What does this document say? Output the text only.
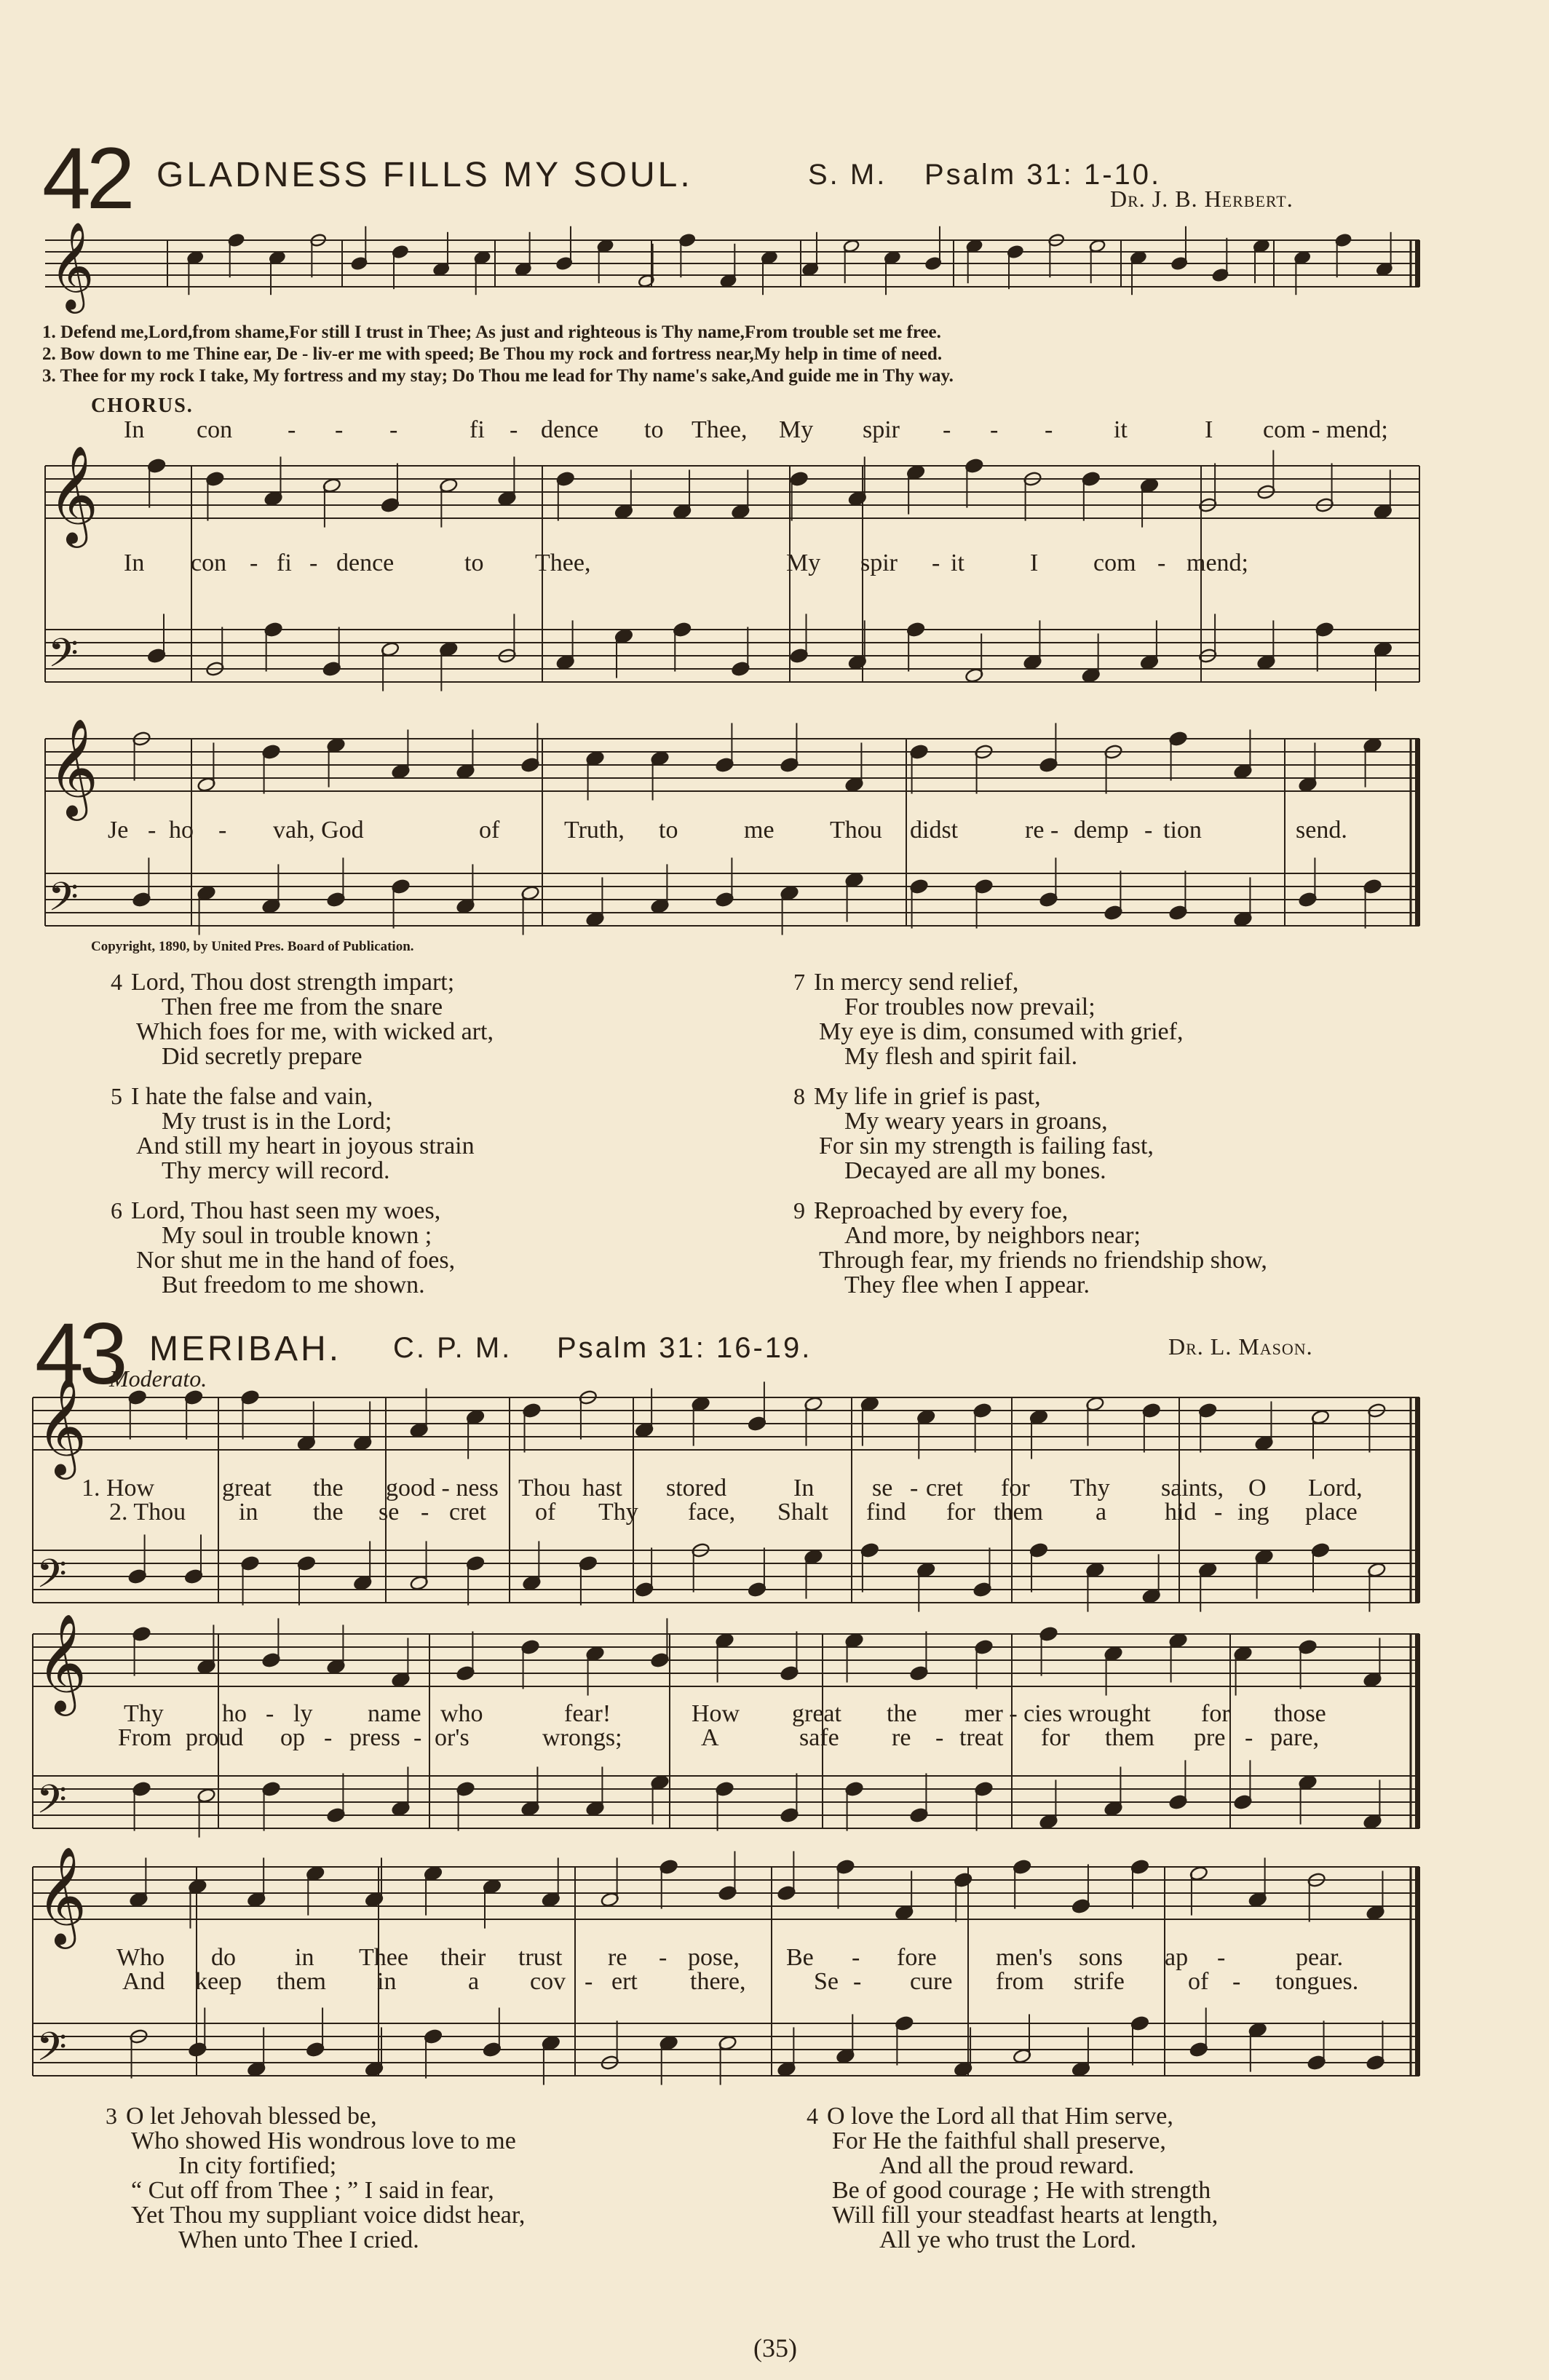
𝄞
𝄞
𝄢
𝄞
𝄢
𝄞
𝄢
𝄞
𝄢
𝄞
𝄢
42 GLADNESS FILLS MY SOUL.	S. M. Psalm 31: 1-10.
Dr. J. B. Herbert.
1. Defend me,Lord,from shame,For still I trust in Thee; As just and righteous is Thy name,From trouble set me free.
2. Bow down to me Thine ear, De - liv-er me with speed; Be Thou my rock and fortress near,My help in time of need.
3. Thee for my rock I take, My fortress and my stay; Do Thou me lead for Thy name's sake,And guide me in Thy way.
CHORUS.
In con - - -	fi - dence to Thee, My spir - - - it	I com - mend;
In con - fi - dence	to Thee,	My spir - it	I com - mend;
Je - ho - vah, God	of	Truth, to	me Thou didst	re - demp - tion	send.
Copyright, 1890, by United Pres. Board of Publication.
4 Lord, Thou dost strength impart;
Then free me from the snare
Which foes for me, with wicked art,
Did secretly prepare
5 I hate the false and vain,
My trust is in the Lord;
And still my heart in joyous strain
Thy mercy will record.
6 Lord, Thou hast seen my woes,
My soul in trouble known ;
Nor shut me in the hand of foes,
But freedom to me shown.
7 In mercy send relief,
For troubles now prevail;
My eye is dim, consumed with grief,
My flesh and spirit fail.
8 My life in grief is past,
My weary years in groans,
For sin my strength is failing fast,
Decayed are all my bones.
9 Reproached by every foe,
And more, by neighbors near;
Through fear, my friends no friendship show,
They flee when I appear.
43 MERIBAH. C. P. M. Psalm 31: 16-19.	Dr. L. Mason.
Moderato.
1. How	great the good - ness Thou hast stored	In se - cret for Thy saints, O Lord,
2. Thou in the se - cret of Thy face, Shalt find for them a hid - ing place
Thy ho - ly name who	fear!	How great the mer - cies wrought for those
From proud op - press - or's	wrongs;	A	safe re - treat for them pre - pare,
Who do in Thee their trust re - pose, Be - fore men's sons ap -	pear.
And keep them in	a cov - ert there,	Se - cure from strife	of - tongues.
3 O let Jehovah blessed be,
Who showed His wondrous love to me
In city fortified;
“ Cut off from Thee ; ” I said in fear,
Yet Thou my suppliant voice didst hear,
When unto Thee I cried.
4 O love the Lord all that Him serve,
For He the faithful shall preserve,
And all the proud reward.
Be of good courage ; He with strength
Will fill your steadfast hearts at length,
All ye who trust the Lord.
(35)
